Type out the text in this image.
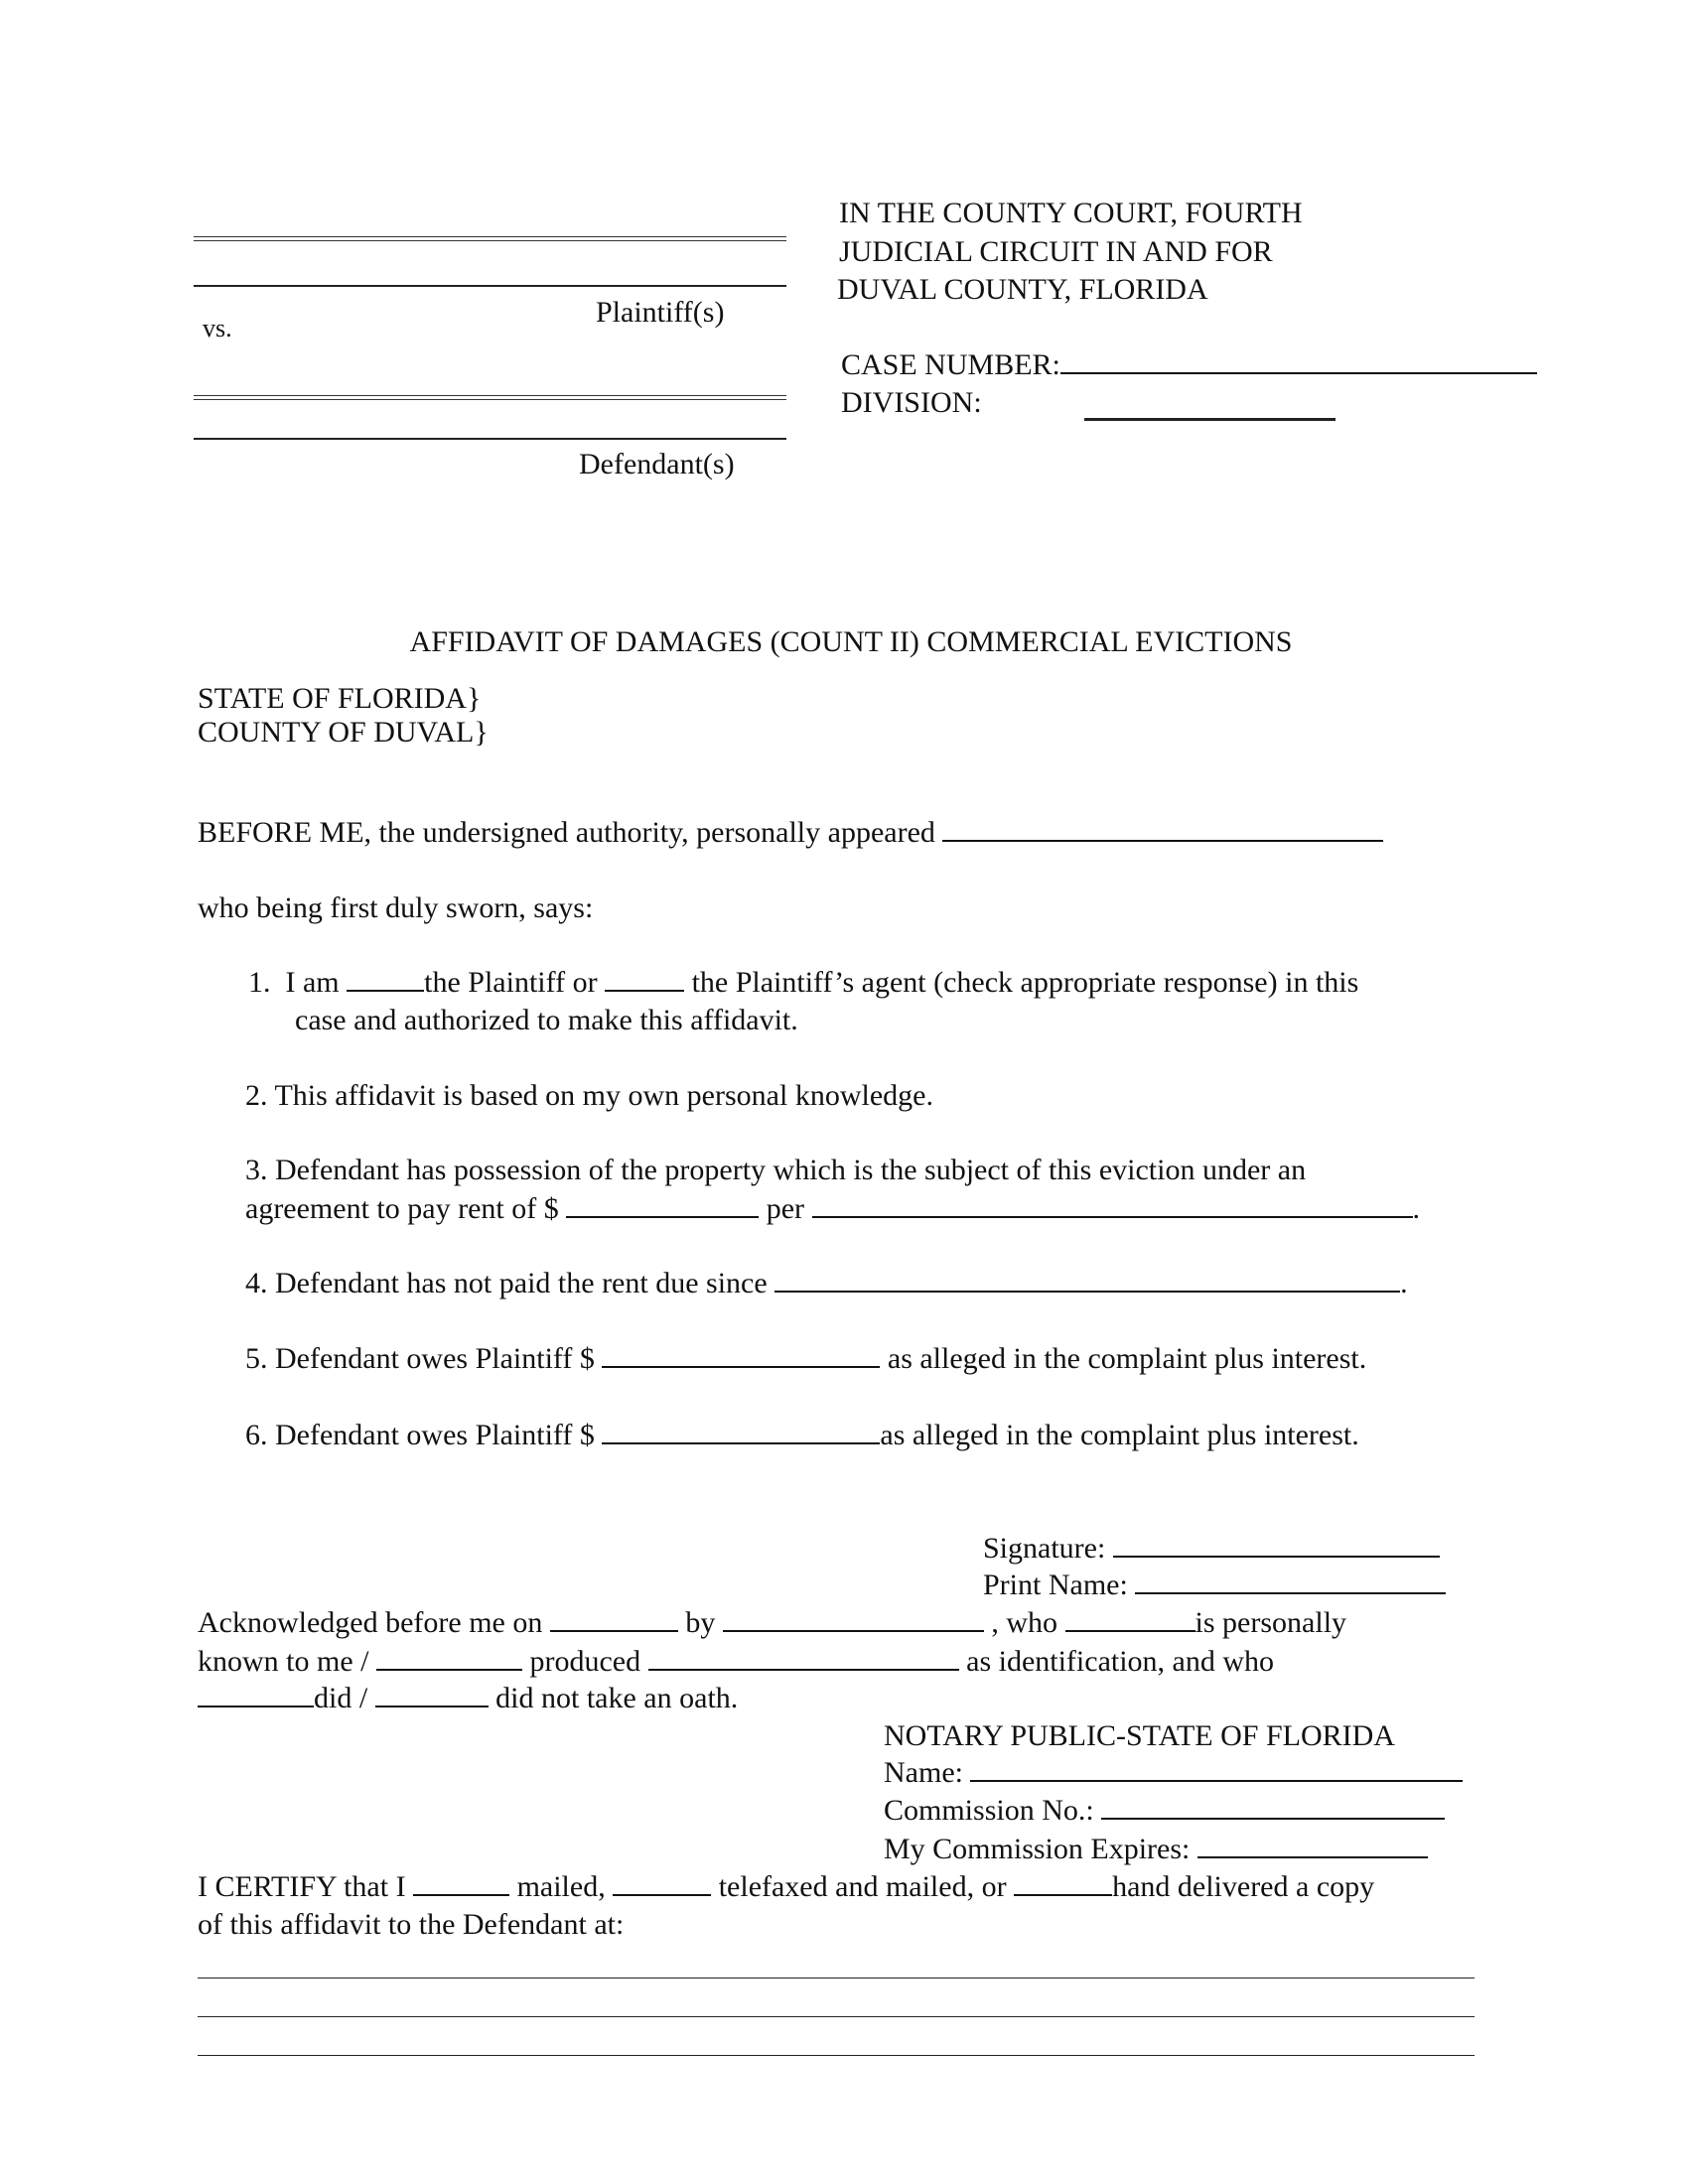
Plaintiff(s)
vs.
Defendant(s)
IN THE COUNTY COURT, FOURTH
JUDICIAL CIRCUIT IN AND FOR
DUVAL COUNTY, FLORIDA
CASE NUMBER:
DIVISION:
AFFIDAVIT OF DAMAGES (COUNT II) COMMERCIAL EVICTIONS
STATE OF FLORIDA}
COUNTY OF DUVAL}
BEFORE ME, the undersigned authority, personally appeared
who being first duly sworn, says:
1. I am	the Plaintiff or	the Plaintiff’s agent (check appropriate response) in this
case and authorized to make this affidavit.
2. This affidavit is based on my own personal knowledge.
3. Defendant has possession of the property which is the subject of this eviction under an
agreement to pay rent of $	per	.
4. Defendant has not paid the rent due since	.
5. Defendant owes Plaintiff $	as alleged in the complaint plus interest.
6. Defendant owes Plaintiff $	as alleged in the complaint plus interest.
Signature:
Print Name:
Acknowledged before me on	by	, who	is personally
known to me /	produced	as identification, and who
did /	did not take an oath.
NOTARY PUBLIC-STATE OF FLORIDA
Name:
Commission No.:
My Commission Expires:
I CERTIFY that I	mailed,	telefaxed and mailed, or	hand delivered a copy
of this affidavit to the Defendant at:
